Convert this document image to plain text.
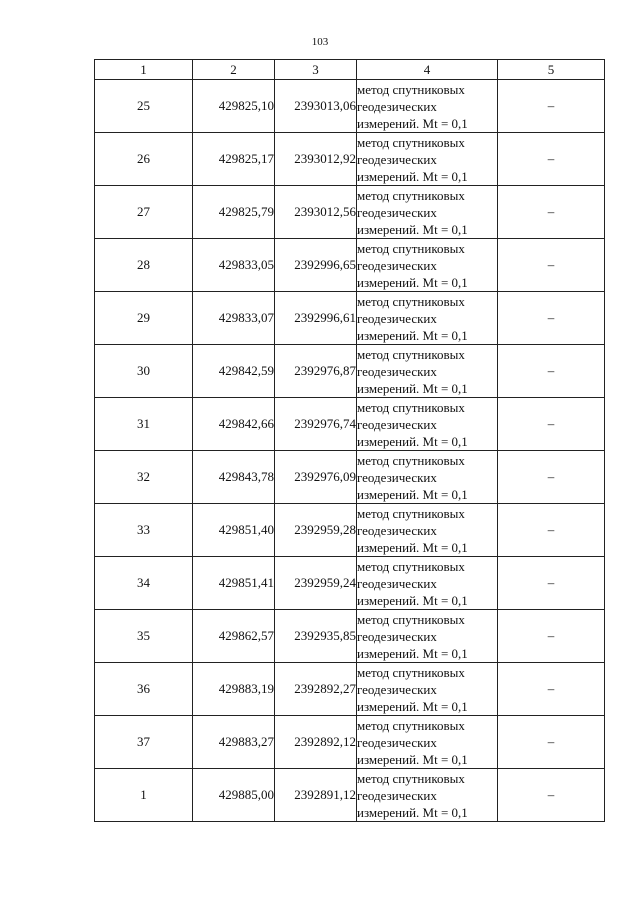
103
1	2	3	4	5
25	429825,10	2393013,06	метод спутниковых
геодезических
измерений. Mt = 0,1	–
26	429825,17	2393012,92	метод спутниковых
геодезических
измерений. Mt = 0,1	–
27	429825,79	2393012,56	метод спутниковых
геодезических
измерений. Mt = 0,1	–
28	429833,05	2392996,65	метод спутниковых
геодезических
измерений. Mt = 0,1	–
29	429833,07	2392996,61	метод спутниковых
геодезических
измерений. Mt = 0,1	–
30	429842,59	2392976,87	метод спутниковых
геодезических
измерений. Mt = 0,1	–
31	429842,66	2392976,74	метод спутниковых
геодезических
измерений. Mt = 0,1	–
32	429843,78	2392976,09	метод спутниковых
геодезических
измерений. Mt = 0,1	–
33	429851,40	2392959,28	метод спутниковых
геодезических
измерений. Mt = 0,1	–
34	429851,41	2392959,24	метод спутниковых
геодезических
измерений. Mt = 0,1	–
35	429862,57	2392935,85	метод спутниковых
геодезических
измерений. Mt = 0,1	–
36	429883,19	2392892,27	метод спутниковых
геодезических
измерений. Mt = 0,1	–
37	429883,27	2392892,12	метод спутниковых
геодезических
измерений. Mt = 0,1	–
1	429885,00	2392891,12	метод спутниковых
геодезических
измерений. Mt = 0,1	–
